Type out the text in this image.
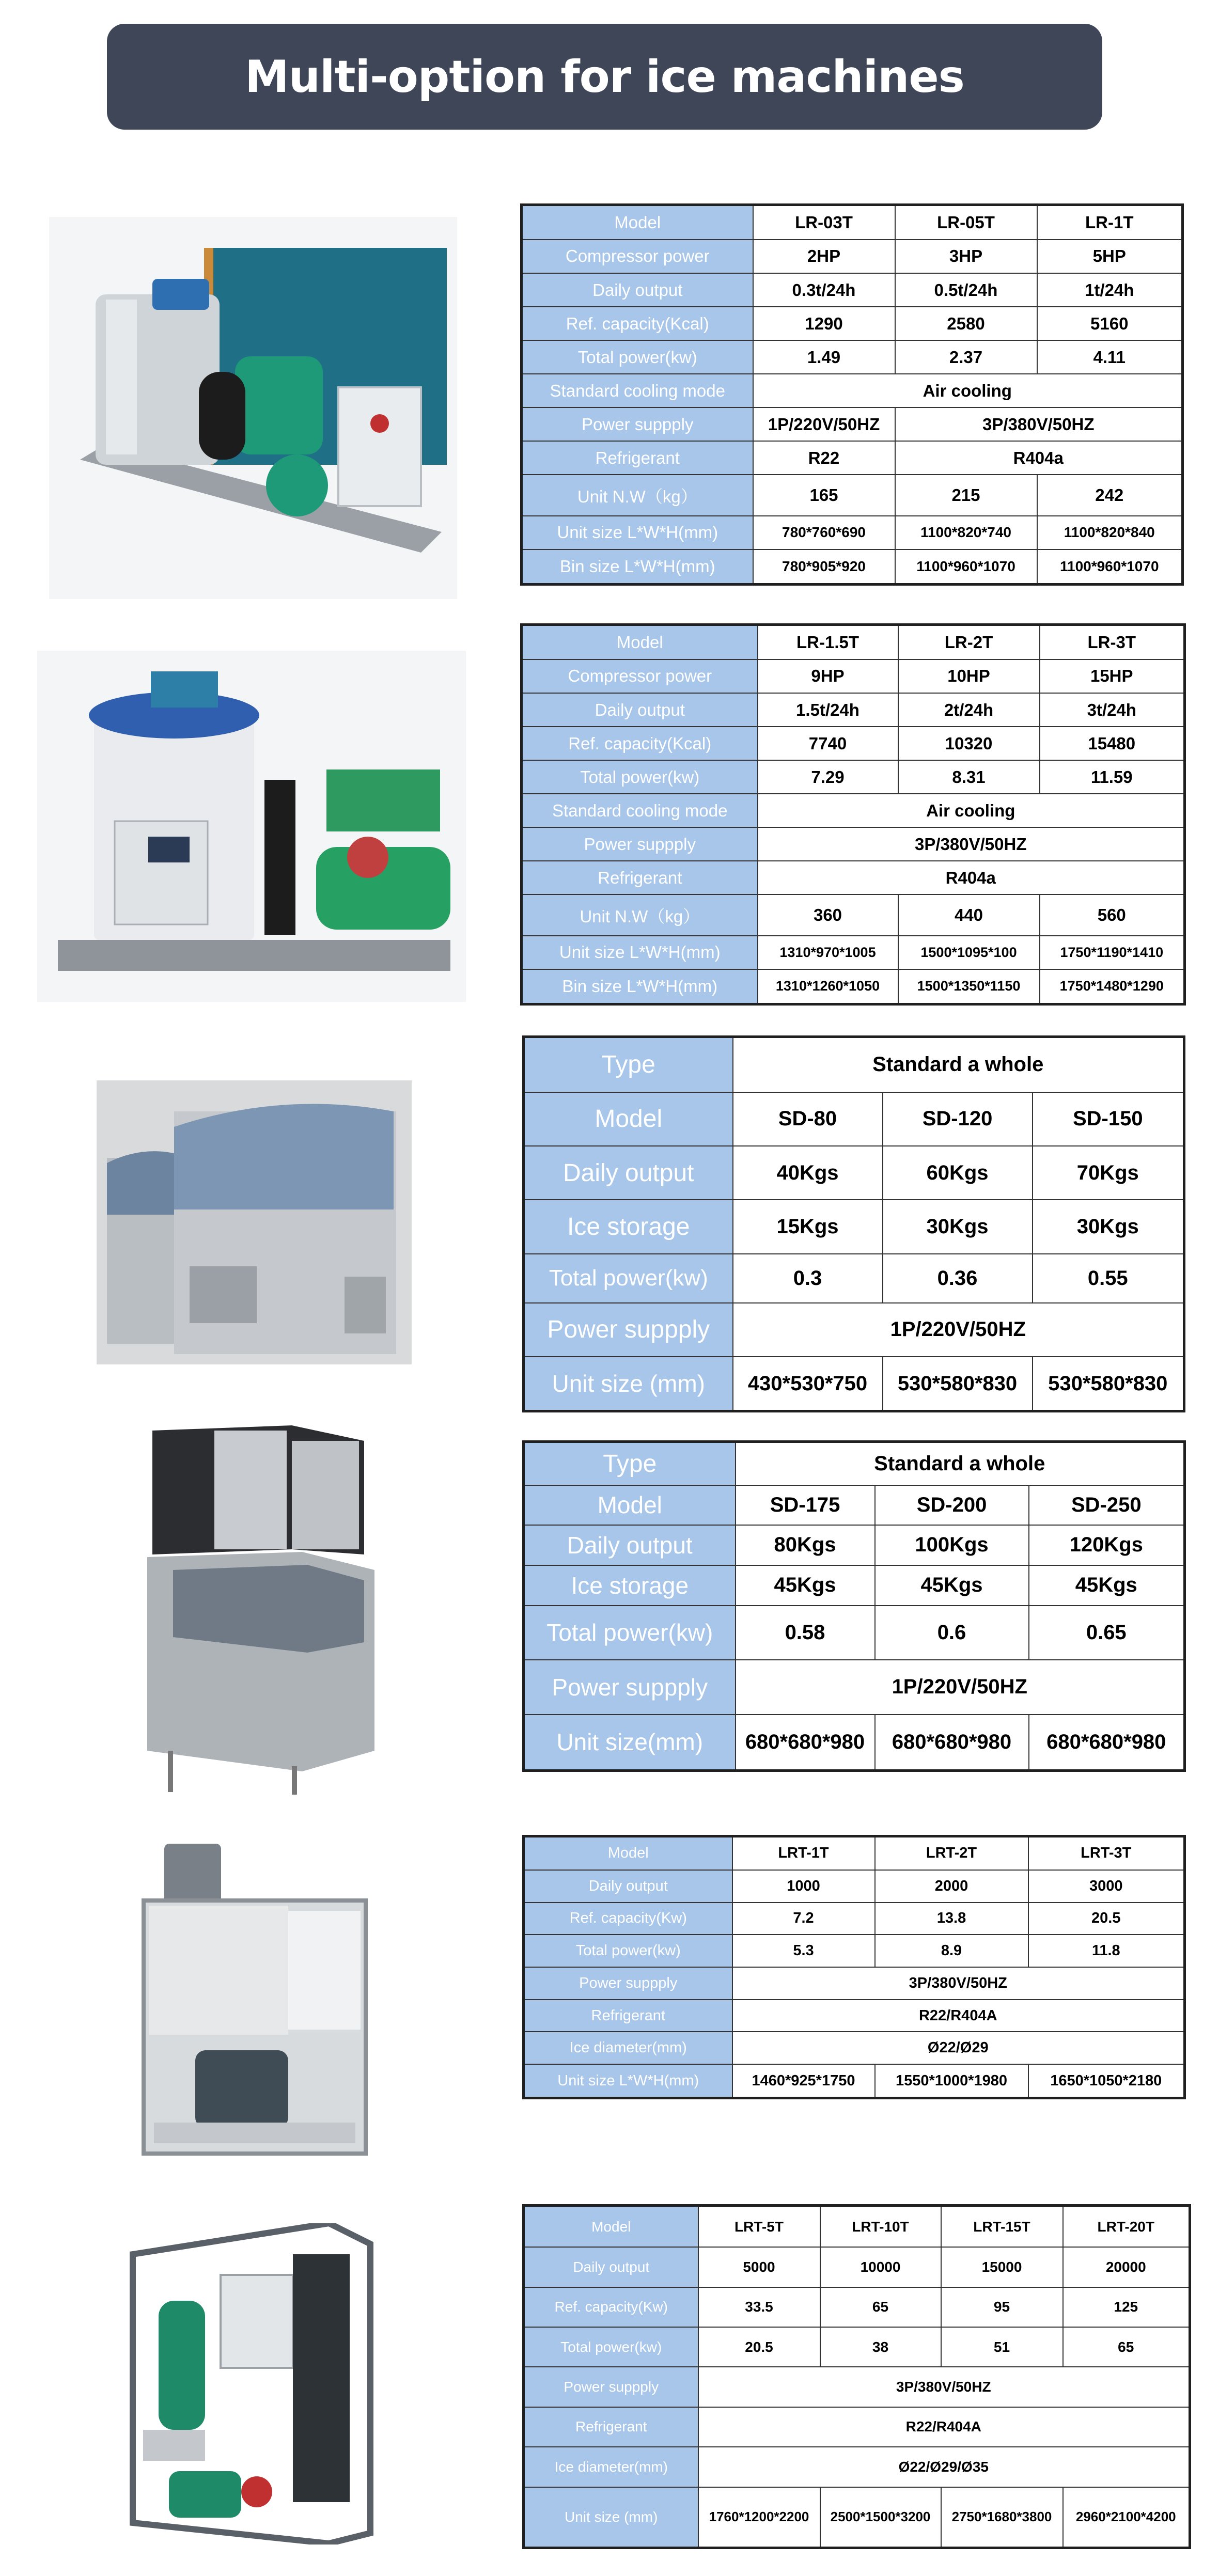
Multi-option for ice machines
Model	LR-03T	LR-05T	LR-1T
Compressor power	2HP	3HP	5HP
Daily output	0.3t/24h	0.5t/24h	1t/24h
Ref. capacity(Kcal)	1290	2580	5160
Total power(kw)	1.49	2.37	4.11
Standard cooling mode	Air cooling		
Power suppply	1P/220V/50HZ	3P/380V/50HZ	
Refrigerant	R22	R404a	
Unit N.W（kg）	165	215	242
Unit size L*W*H(mm)	780*760*690	1100*820*740	1100*820*840
Bin size L*W*H(mm)	780*905*920	1100*960*1070	1100*960*1070
Model	LR-1.5T	LR-2T	LR-3T
Compressor power	9HP	10HP	15HP
Daily output	1.5t/24h	2t/24h	3t/24h
Ref. capacity(Kcal)	7740	10320	15480
Total power(kw)	7.29	8.31	11.59
Standard cooling mode	Air cooling		
Power suppply	3P/380V/50HZ		
Refrigerant	R404a		
Unit N.W（kg）	360	440	560
Unit size L*W*H(mm)	1310*970*1005	1500*1095*100	1750*1190*1410
Bin size L*W*H(mm)	1310*1260*1050	1500*1350*1150	1750*1480*1290
Type	Standard a whole		
Model	SD-80	SD-120	SD-150
Daily output	40Kgs	60Kgs	70Kgs
Ice storage	15Kgs	30Kgs	30Kgs
Total power(kw)	0.3	0.36	0.55
Power suppply	1P/220V/50HZ		
Unit size (mm)	430*530*750	530*580*830	530*580*830
Type	Standard a whole		
Model	SD-175	SD-200	SD-250
Daily output	80Kgs	100Kgs	120Kgs
Ice storage	45Kgs	45Kgs	45Kgs
Total power(kw)	0.58	0.6	0.65
Power suppply	1P/220V/50HZ		
Unit size(mm)	680*680*980	680*680*980	680*680*980
Model	LRT-1T	LRT-2T	LRT-3T
Daily output	1000	2000	3000
Ref. capacity(Kw)	7.2	13.8	20.5
Total power(kw)	5.3	8.9	11.8
Power suppply	3P/380V/50HZ		
Refrigerant	R22/R404A		
Ice diameter(mm)	Ø22/Ø29		
Unit size L*W*H(mm)	1460*925*1750	1550*1000*1980	1650*1050*2180
Model	LRT-5T	LRT-10T	LRT-15T	LRT-20T
Daily output	5000	10000	15000	20000
Ref. capacity(Kw)	33.5	65	95	125
Total power(kw)	20.5	38	51	65
Power suppply	3P/380V/50HZ			
Refrigerant	R22/R404A			
Ice diameter(mm)	Ø22/Ø29/Ø35			
Unit size (mm)	1760*1200*2200	2500*1500*3200	2750*1680*3800	2960*2100*4200
